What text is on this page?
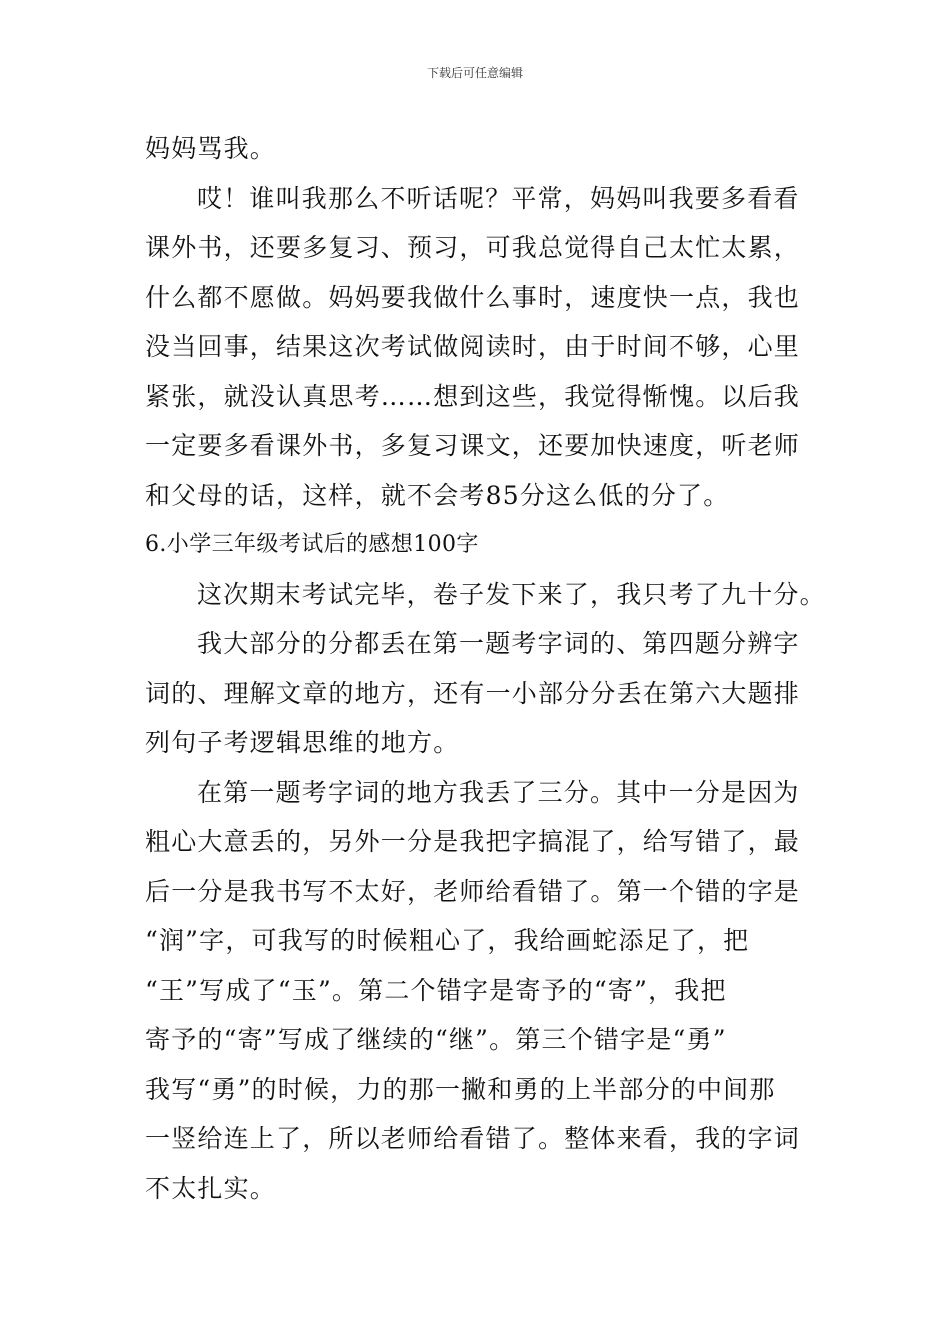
下载后可任意编辑
妈妈骂我。
哎！谁叫我那么不听话呢？平常，妈妈叫我要多看看
课外书，还要多复习、预习，可我总觉得自己太忙太累，
什么都不愿做。妈妈要我做什么事时，速度快一点，我也
没当回事，结果这次考试做阅读时，由于时间不够，心里
紧张，就没认真思考……想到这些，我觉得惭愧。以后我
一定要多看课外书，多复习课文，还要加快速度，听老师
和父母的话，这样，就不会考85分这么低的分了。
6.小学三年级考试后的感想100字
这次期末考试完毕，卷子发下来了，我只考了九十分。
我大部分的分都丢在第一题考字词的、第四题分辨字
词的、理解文章的地方，还有一小部分分丢在第六大题排
列句子考逻辑思维的地方。
在第一题考字词的地方我丢了三分。其中一分是因为
粗心大意丢的，另外一分是我把字搞混了，给写错了，最
后一分是我书写不太好，老师给看错了。第一个错的字是
“润”字，可我写的时候粗心了，我给画蛇添足了，把
“王”写成了“玉”。第二个错字是寄予的“寄”，我把
寄予的“寄”写成了继续的“继”。第三个错字是“勇”
我写“勇”的时候，力的那一撇和勇的上半部分的中间那
一竖给连上了，所以老师给看错了。整体来看，我的字词
不太扎实。
